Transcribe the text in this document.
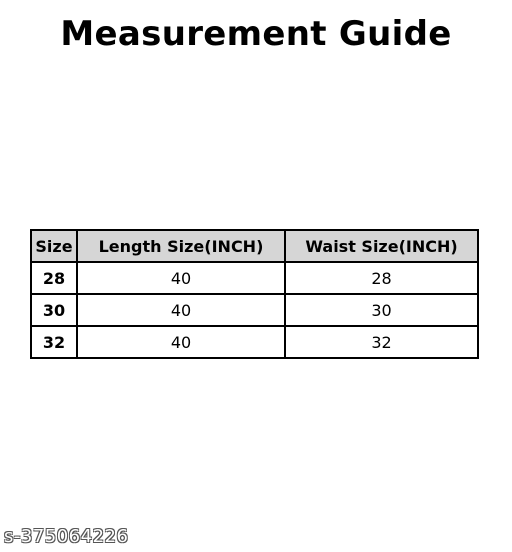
Measurement Guide
Size	Length Size(INCH)	Waist Size(INCH)
28	40	28
30	40	30
32	40	32
s-375064226
